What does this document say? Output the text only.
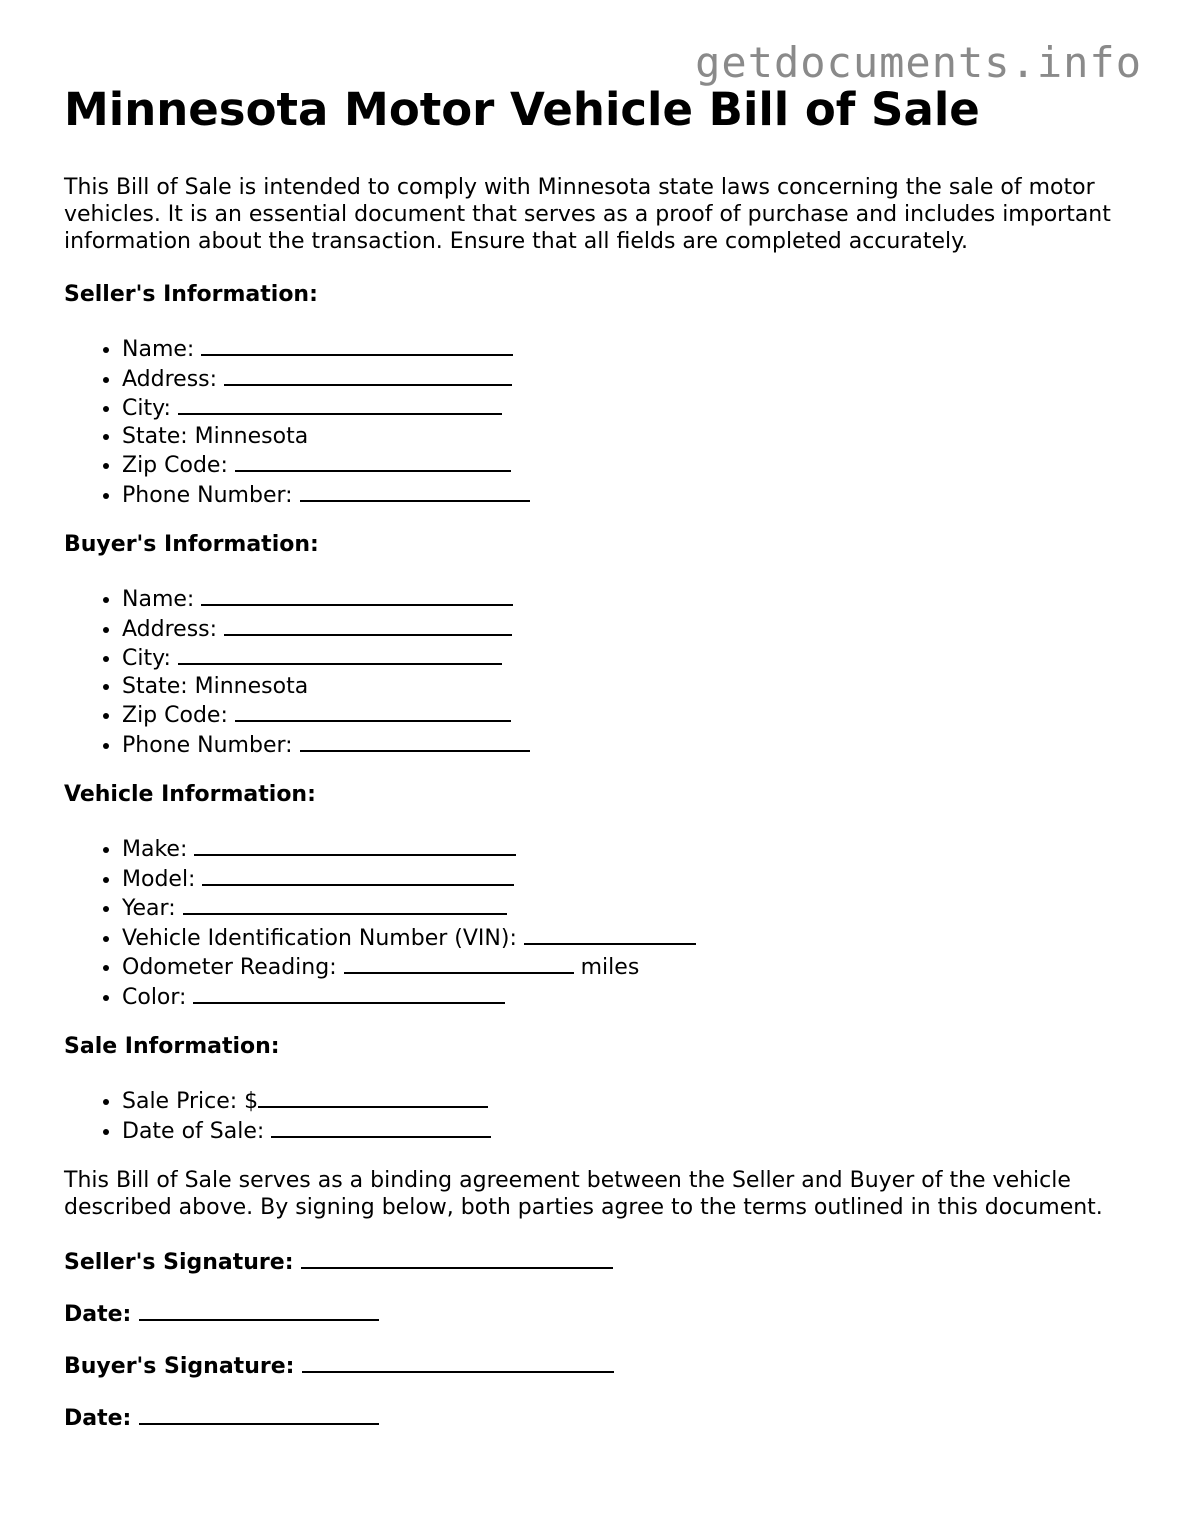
getdocuments.info
Minnesota Motor Vehicle Bill of Sale

This Bill of Sale is intended to comply with Minnesota state laws concerning the sale of motor vehicles. It is an essential document that serves as a proof of purchase and includes important information about the transaction. Ensure that all fields are completed accurately.

Seller's Information:
• Name:
• Address:
• City:
• State: Minnesota
• Zip Code:
• Phone Number:
Buyer's Information:
• Name:
• Address:
• City:
• State: Minnesota
• Zip Code:
• Phone Number:
Vehicle Information:
• Make:
• Model:
• Year:
• Vehicle Identification Number (VIN):
• Odometer Reading:	miles
• Color:
Sale Information:
• Sale Price: $
• Date of Sale:

This Bill of Sale serves as a binding agreement between the Seller and Buyer of the vehicle described above. By signing below, both parties agree to the terms outlined in this document.

Seller's Signature:
Date:
Buyer's Signature:
Date:
